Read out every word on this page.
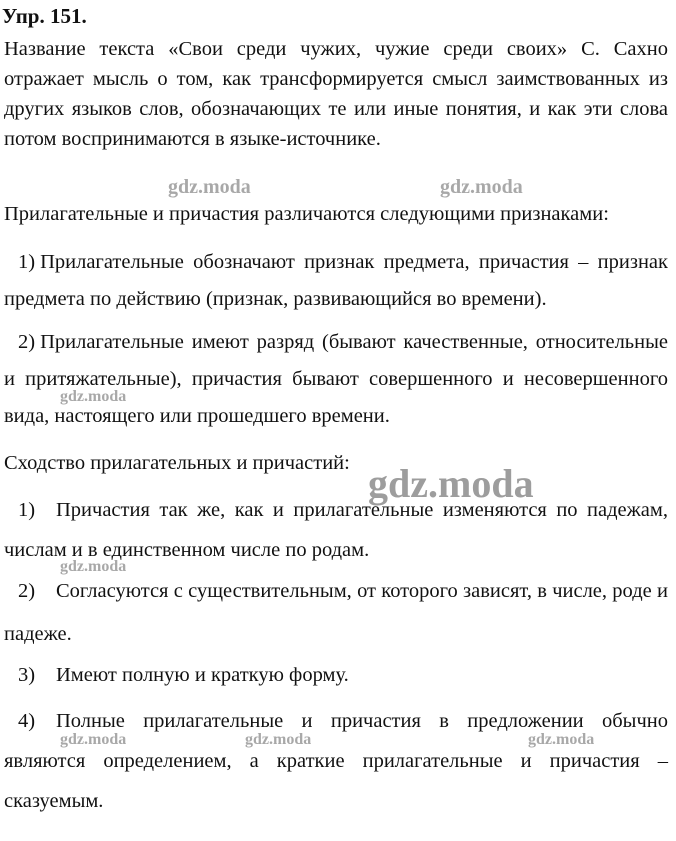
Упр. 151.
Название текста «Свои среди чужих, чужие среди своих» С. Сахно отражает мысль о том, как трансформируется смысл заимствованных из других языков слов, обозначающих те или иные понятия, и как эти слова потом воспринимаются в языке-источнике.
Прилагательные и причастия различаются следующими признаками:
1) Прилагательные обозначают признак предмета, причастия – признак предмета по действию (признак, развивающийся во времени).
2) Прилагательные имеют разряд (бывают качественные, относительные и притяжательные), причастия бывают совершенного и несовершенного вида, настоящего или прошедшего времени.
Сходство прилагательных и причастий:
1) Причастия так же, как и прилагательные изменяются по падежам, числам и в единственном числе по родам.
2) Согласуются с существительным, от которого зависят, в числе, роде и падеже.
3) Имеют полную и краткую форму.
4) Полные прилагательные и причастия в предложении обычно являются определением, а краткие прилагательные и причастия – сказуемым.
gdz.moda	gdz.moda
gdz.moda
gdz.moda
gdz.moda
gdz.moda	gdz.moda	gdz.moda
